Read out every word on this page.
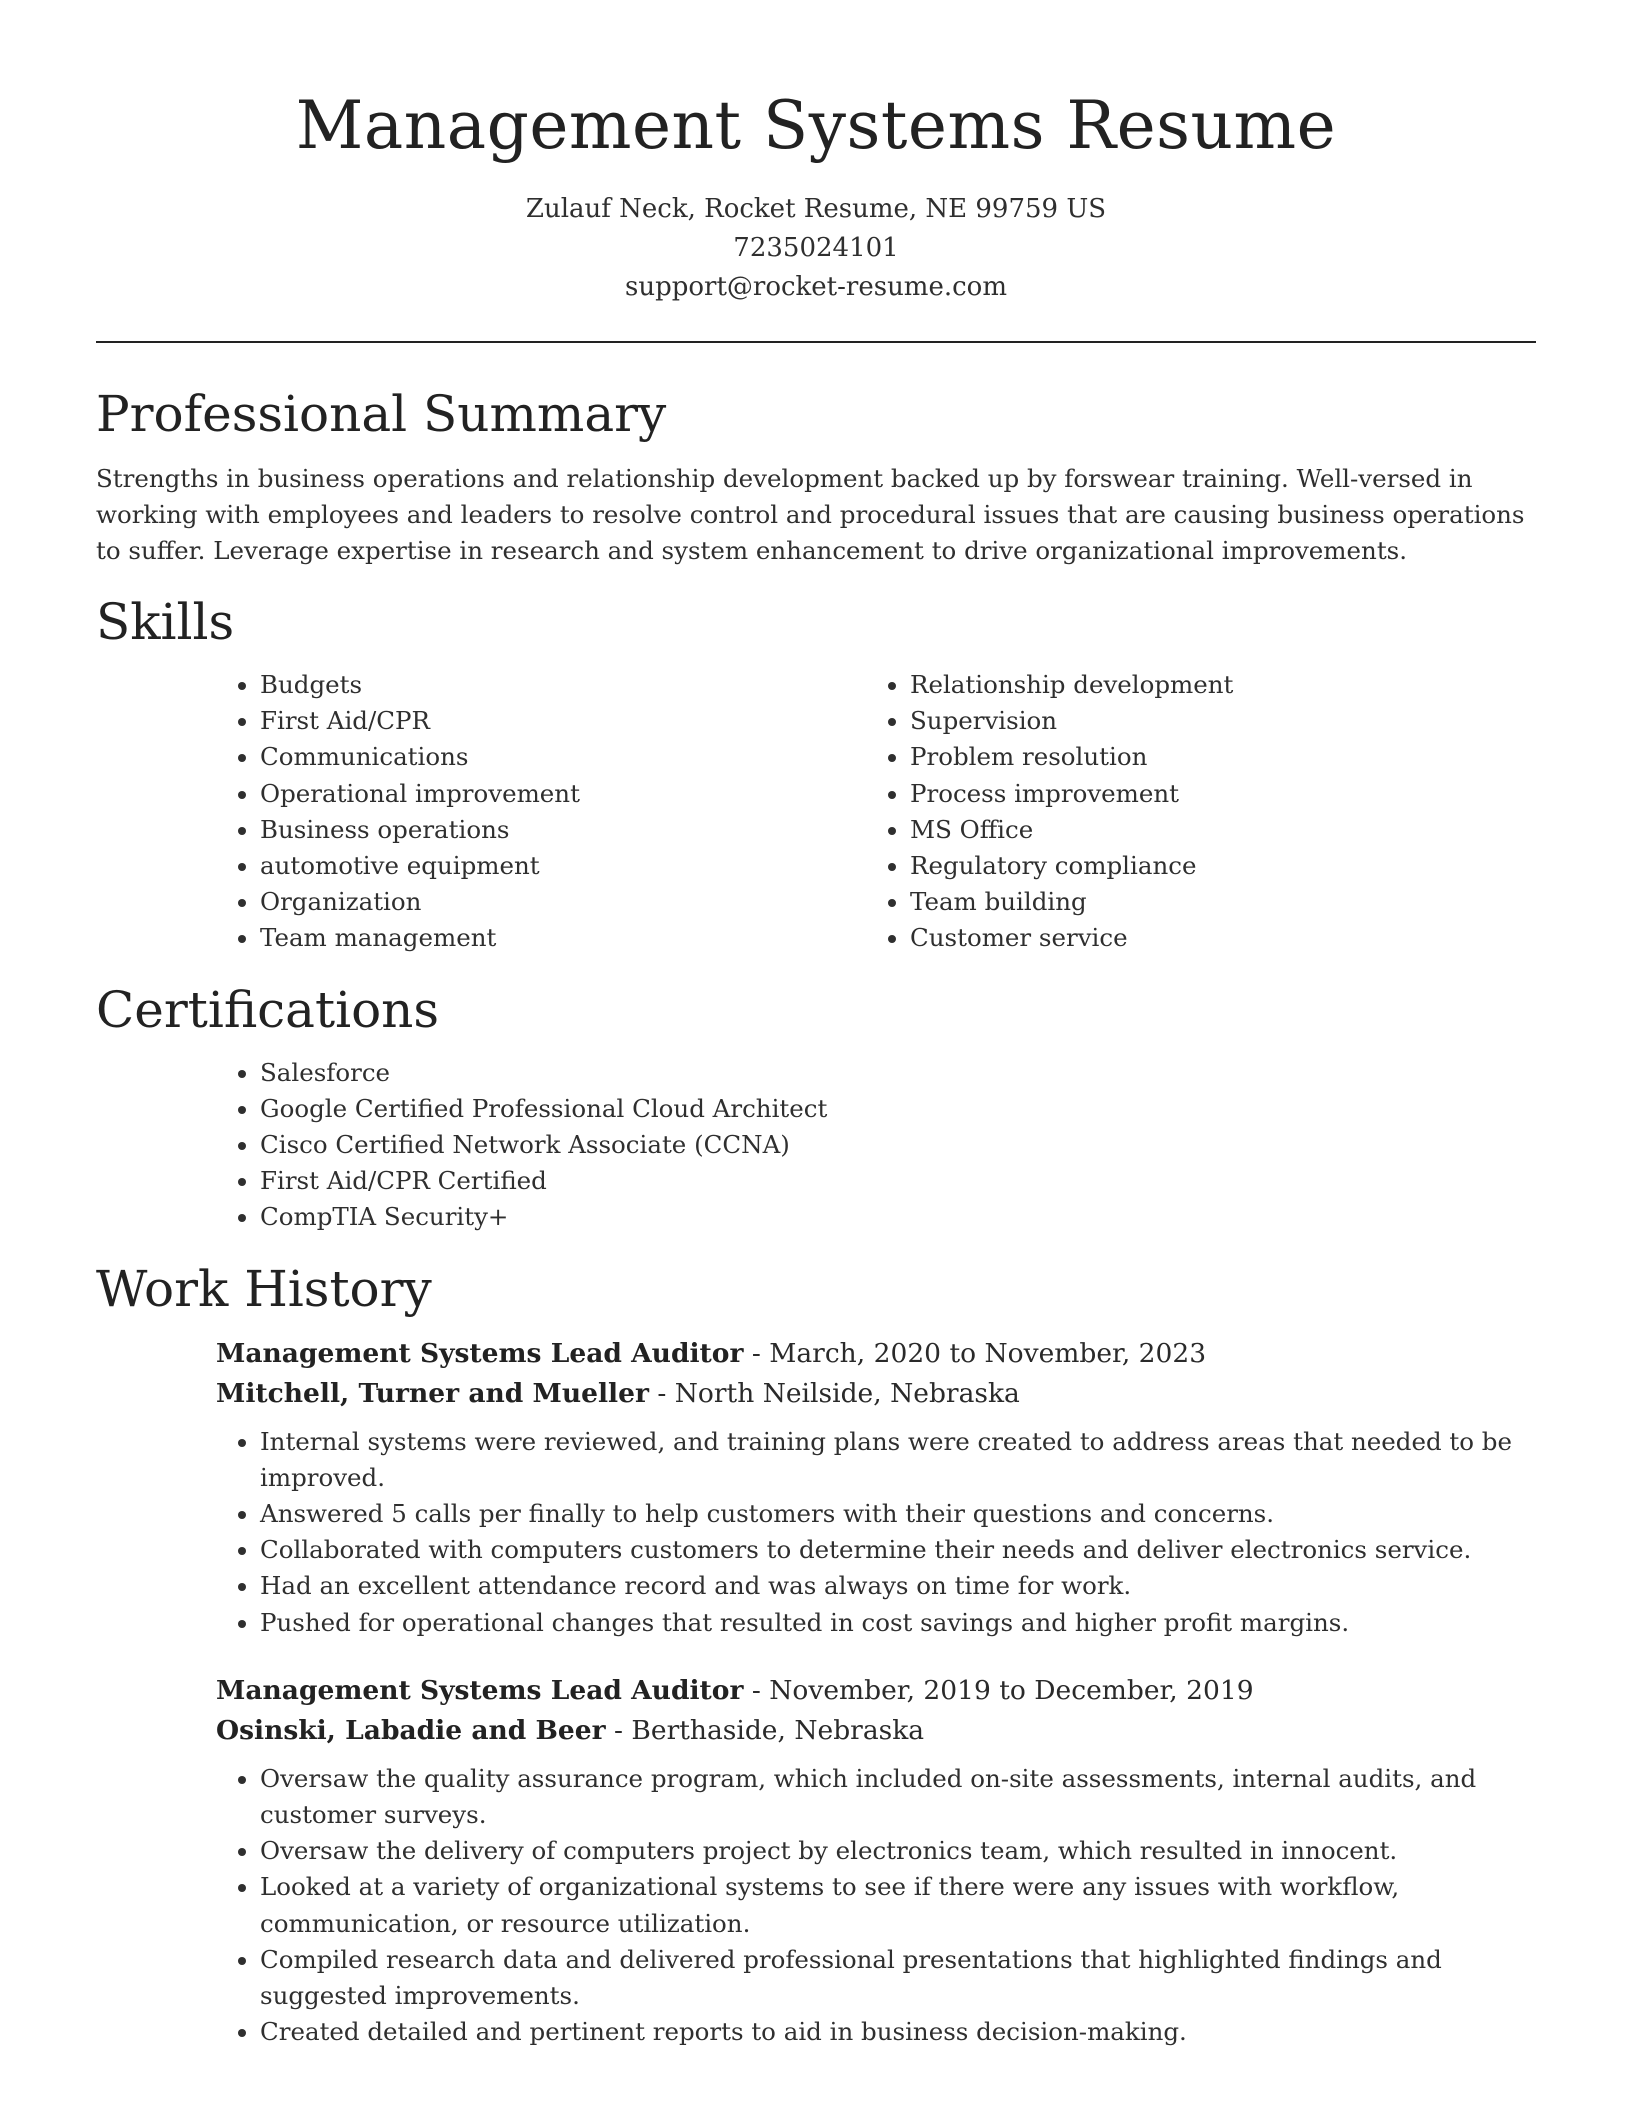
Management Systems Resume
Zulauf Neck, Rocket Resume, NE 99759 US
7235024101
support@rocket-resume.com
Professional Summary

Strengths in business operations and relationship development backed up by forswear training. Well-versed in working with employees and leaders to resolve control and procedural issues that are causing business operations to suffer. Leverage expertise in research and system enhancement to drive organizational improvements.

Skills
• Budgets
• First Aid/CPR
• Communications
• Operational improvement
• Business operations
• automotive equipment
• Organization
• Team management
• Relationship development
• Supervision
• Problem resolution
• Process improvement
• MS Office
• Regulatory compliance
• Team building
• Customer service
Certifications
• Salesforce
• Google Certified Professional Cloud Architect
• Cisco Certified Network Associate (CCNA)
• First Aid/CPR Certified
• CompTIA Security+
Work History
Management Systems Lead Auditor - March, 2020 to November, 2023
Mitchell, Turner and Mueller - North Neilside, Nebraska
• Internal systems were reviewed, and training plans were created to address areas that needed to be improved.
• Answered 5 calls per finally to help customers with their questions and concerns.
• Collaborated with computers customers to determine their needs and deliver electronics service.
• Had an excellent attendance record and was always on time for work.
• Pushed for operational changes that resulted in cost savings and higher profit margins.
Management Systems Lead Auditor - November, 2019 to December, 2019
Osinski, Labadie and Beer - Berthaside, Nebraska
• Oversaw the quality assurance program, which included on-site assessments, internal audits, and customer surveys.
• Oversaw the delivery of computers project by electronics team, which resulted in innocent.
• Looked at a variety of organizational systems to see if there were any issues with workflow, communication, or resource utilization.
• Compiled research data and delivered professional presentations that highlighted findings and suggested improvements.
• Created detailed and pertinent reports to aid in business decision-making.
